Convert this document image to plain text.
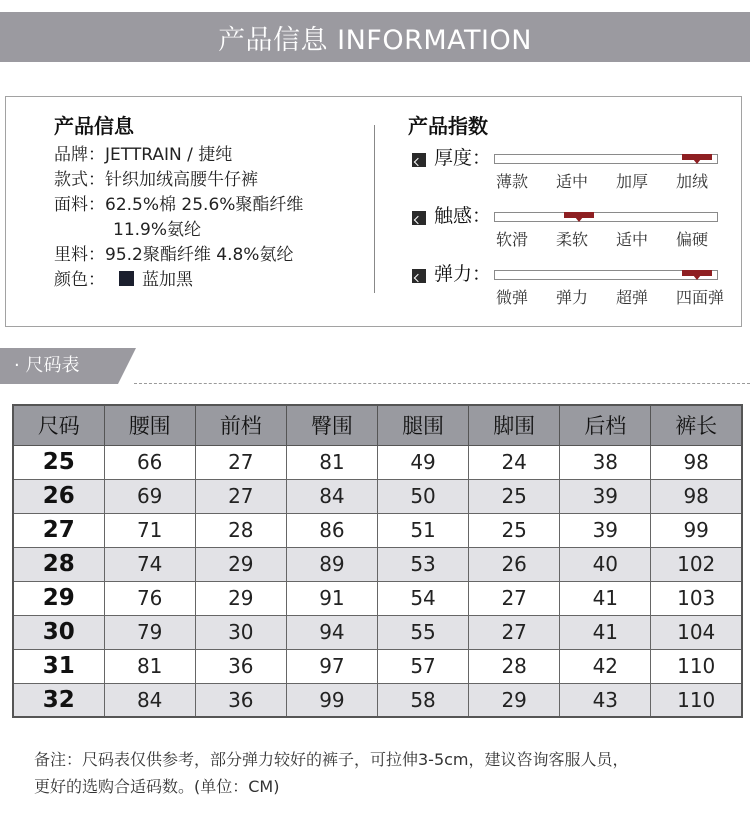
产品信息 INFORMATION
产品信息
品牌：JETTRAIN / 捷纯
款式：针织加绒高腰牛仔裤
面料：62.5%棉 25.6%聚酯纤维
11.9%氨纶
里料：95.2聚酯纤维 4.8%氨纶
颜色： 蓝加黑
产品指数
厚度：
薄款 适中 加厚 加绒
触感：
软滑 柔软 适中 偏硬
弹力：
微弹 弹力 超弹 四面弹
· 尺码表
尺码	腰围	前档	臀围	腿围	脚围	后档	裤长
25	66	27	81	49	24	38	98
26	69	27	84	50	25	39	98
27	71	28	86	51	25	39	99
28	74	29	89	53	26	40	102
29	76	29	91	54	27	41	103
30	79	30	94	55	27	41	104
31	81	36	97	57	28	42	110
32	84	36	99	58	29	43	110
备注：尺码表仅供参考，部分弹力较好的裤子，可拉伸3-5cm，建议咨询客服人员，
更好的选购合适码数。(单位：CM)
